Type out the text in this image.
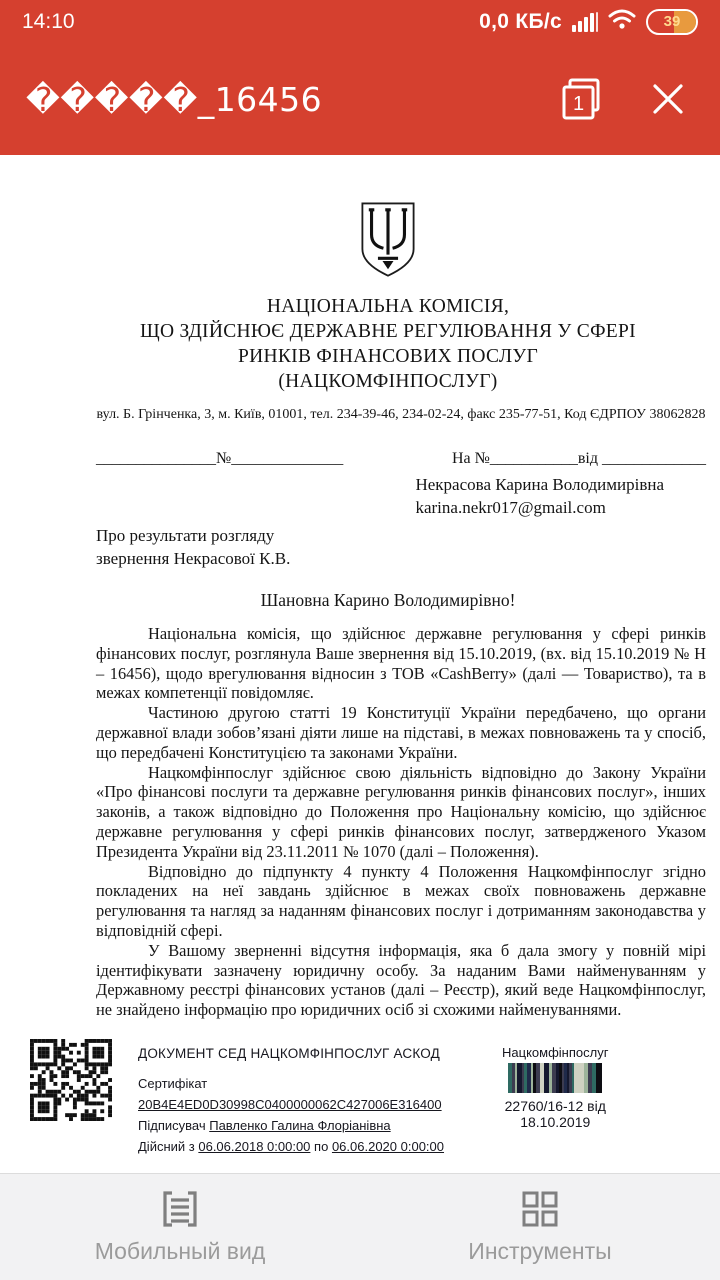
14:10	0,0 КБ/с	39
�����_16456	1
НАЦІОНАЛЬНА КОМІСІЯ,
ЩО ЗДІЙСНЮЄ ДЕРЖАВНЕ РЕГУЛЮВАННЯ У СФЕРІ
РИНКІВ ФІНАНСОВИХ ПОСЛУГ
(НАЦКОМФІНПОСЛУГ)
вул. Б. Грінченка, 3, м. Київ, 01001, тел. 234-39-46, 234-02-24, факс 235-77-51, Код ЄДРПОУ 38062828
_______________№______________	На №___________від _____________
Некрасова Карина Володимирівна
karina.nekr017@gmail.com
Про результати розгляду
звернення Некрасової К.В.
Шановна Карино Володимирівно!

Національна комісія, що здійснює державне регулювання у сфері ринків фінансових послуг, розглянула Ваше звернення від 15.10.2019, (вх. від 15.10.2019 № Н – 16456), щодо врегулювання відносин з ТОВ «CashBerry» (далі — Товариство), та в межах компетенції повідомляє.

Частиною другою статті 19 Конституції України передбачено, що органи державної влади зобов’язані діяти лише на підставі, в межах повноважень та у спосіб, що передбачені Конституцією та законами України.

Нацкомфінпослуг здійснює свою діяльність відповідно до Закону України «Про фінансові послуги та державне регулювання ринків фінансових послуг», інших законів, а також відповідно до Положення про Національну комісію, що здійснює державне регулювання у сфері ринків фінансових послуг, затвердженого Указом Президента України від 23.11.2011 № 1070 (далі – Положення).

Відповідно до підпункту 4 пункту 4 Положення Нацкомфінпослуг згідно покладених на неї завдань здійснює в межах своїх повноважень державне регулювання та нагляд за наданням фінансових послуг і дотриманням законодавства у відповідній сфері.

У Вашому зверненні відсутня інформація, яка б дала змогу у повній мірі ідентифікувати зазначену юридичну особу. За наданим Вами найменуванням у Державному реєстрі фінансових установ (далі – Реєстр), який веде Нацкомфінпослуг, не знайдено інформацію про юридичних осіб зі схожими найменуваннями.

ДОКУМЕНТ СЕД НАЦКОМФІНПОСЛУГ АСКОД
Сертифікат 20B4E4ED0D30998C0400000062C427006E316400
Підписувач Павленко Галина Флоріанівна
Дійсний з 06.06.2018 0:00:00 по 06.06.2020 0:00:00
Нацкомфінпослуг
22760/16-12 від 18.10.2019
Мобильный вид	Инструменты
